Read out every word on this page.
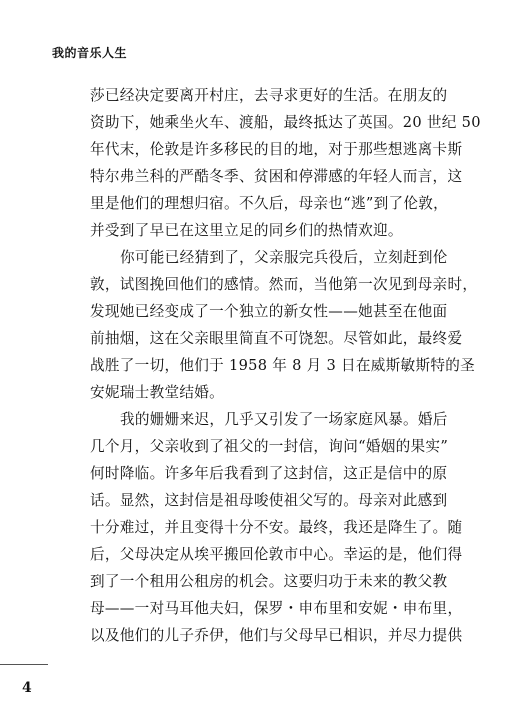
我的音乐人生
莎已经决定要离开村庄，去寻求更好的生活。在朋友的
资助下，她乘坐火车、渡船，最终抵达了英国。20 世纪 50
年代末，伦敦是许多移民的目的地，对于那些想逃离卡斯
特尔弗兰科的严酷冬季、贫困和停滞感的年轻人而言，这
里是他们的理想归宿。不久后，母亲也“逃”到了伦敦，
并受到了早已在这里立足的同乡们的热情欢迎。
你可能已经猜到了，父亲服完兵役后，立刻赶到伦
敦，试图挽回他们的感情。然而，当他第一次见到母亲时，
发现她已经变成了一个独立的新女性——她甚至在他面
前抽烟，这在父亲眼里简直不可饶恕。尽管如此，最终爱
战胜了一切，他们于 1958 年 8 月 3 日在威斯敏斯特的圣
安妮瑞士教堂结婚。
我的姗姗来迟，几乎又引发了一场家庭风暴。婚后
几个月，父亲收到了祖父的一封信，询问“婚姻的果实”
何时降临。许多年后我看到了这封信，这正是信中的原
话。显然，这封信是祖母唆使祖父写的。母亲对此感到
十分难过，并且变得十分不安。最终，我还是降生了。随
后，父母决定从埃平搬回伦敦市中心。幸运的是，他们得
到了一个租用公租房的机会。这要归功于未来的教父教
母——一对马耳他夫妇，保罗・申布里和安妮・申布里，
以及他们的儿子乔伊，他们与父母早已相识，并尽力提供
4
